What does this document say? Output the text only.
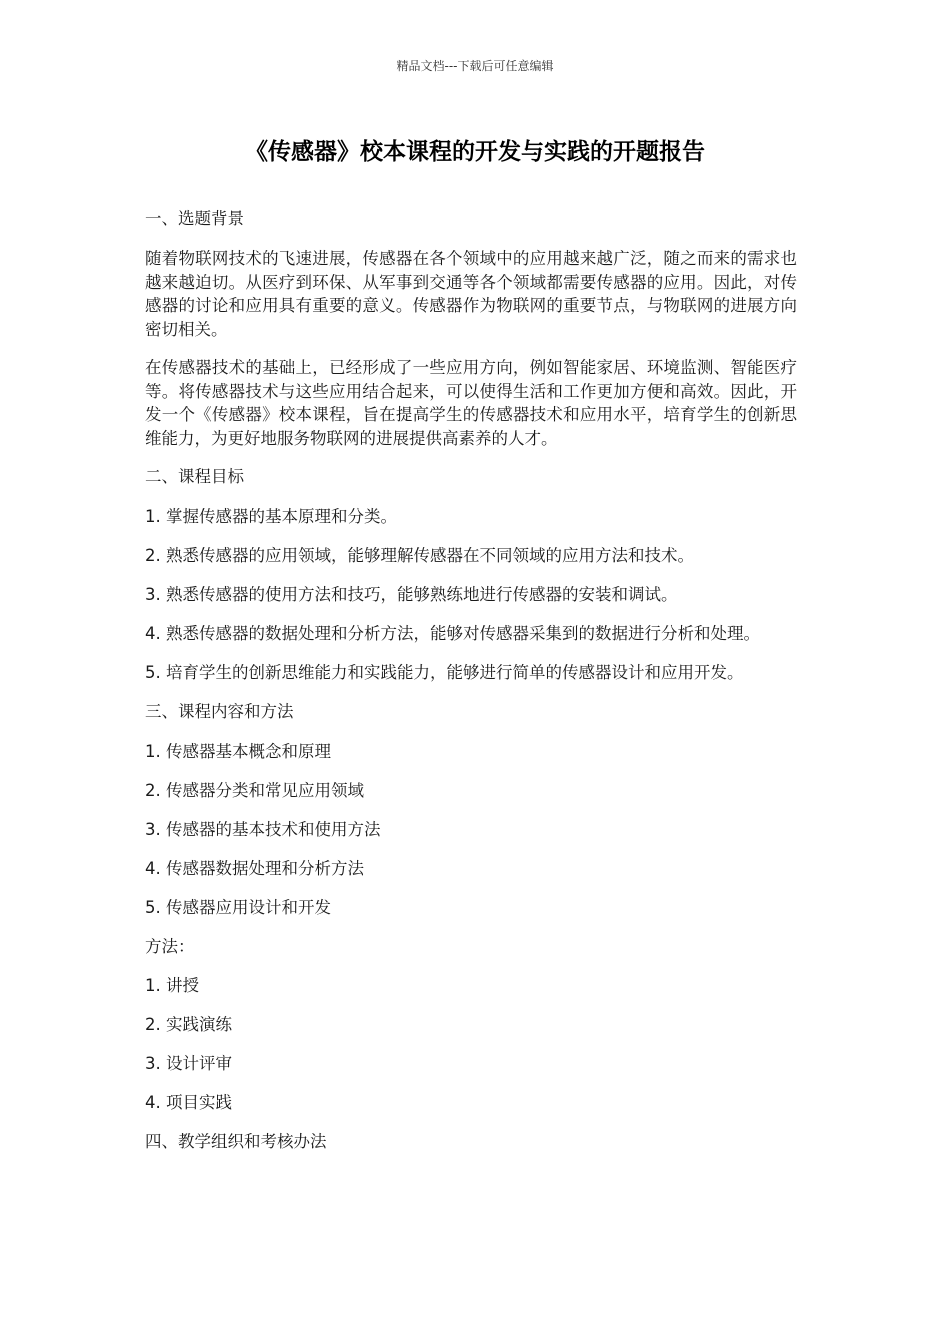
精品文档---下载后可任意编辑
《传感器》校本课程的开发与实践的开题报告

一、选题背景

随着物联网技术的飞速进展，传感器在各个领域中的应用越来越广泛，随之而来的需求也越来越迫切。从医疗到环保、从军事到交通等各个领域都需要传感器的应用。因此，对传感器的讨论和应用具有重要的意义。传感器作为物联网的重要节点，与物联网的进展方向密切相关。

在传感器技术的基础上，已经形成了一些应用方向，例如智能家居、环境监测、智能医疗等。将传感器技术与这些应用结合起来，可以使得生活和工作更加方便和高效。因此，开发一个《传感器》校本课程，旨在提高学生的传感器技术和应用水平，培育学生的创新思维能力，为更好地服务物联网的进展提供高素养的人才。

二、课程目标

1. 掌握传感器的基本原理和分类。

2. 熟悉传感器的应用领域，能够理解传感器在不同领域的应用方法和技术。

3. 熟悉传感器的使用方法和技巧，能够熟练地进行传感器的安装和调试。

4. 熟悉传感器的数据处理和分析方法，能够对传感器采集到的数据进行分析和处理。

5. 培育学生的创新思维能力和实践能力，能够进行简单的传感器设计和应用开发。

三、课程内容和方法

1. 传感器基本概念和原理

2. 传感器分类和常见应用领域

3. 传感器的基本技术和使用方法

4. 传感器数据处理和分析方法

5. 传感器应用设计和开发

方法：

1. 讲授

2. 实践演练

3. 设计评审

4. 项目实践

四、教学组织和考核办法
